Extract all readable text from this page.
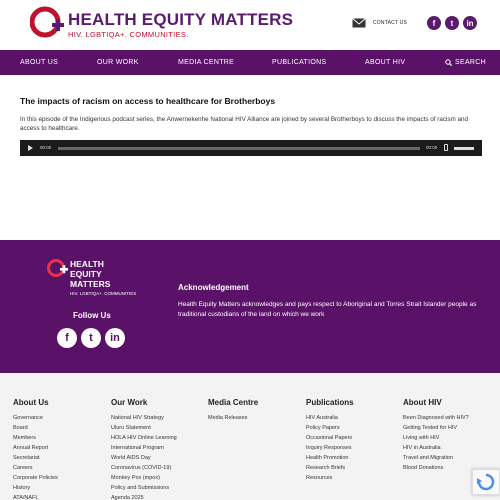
HEALTH EQUITY MATTERS
HIV. LGBTIQA+. COMMUNITIES.
CONTACT US	f	t	in
ABOUT US	OUR WORK	MEDIA CENTRE	PUBLICATIONS	ABOUT HIV	SEARCH
The impacts of racism on access to healthcare for Brotherboys
In this episode of the Indigenous podcast series, the Anwernekenhe National HIV Alliance are joined by several Brotherboys to discuss the impacts of racism and access to healthcare.
00:00	00:00
HEALTH
EQUITY
MATTERS
HIV. LGBTIQA+. COMMUNITIES
Follow Us
f	t	in
Acknowledgement
Health Equity Matters acknowledges and pays respect to Aboriginal and Torres Strait Islander people as traditional custodians of the land on which we work
About Us
Governance
Board
Members
Annual Report
Secretariat
Careers
Corporate Policies
History
ATA/NAFL
Our Work
National HIV Strategy
Uluru Statement
HOLA HIV Online Learning
International Program
World AIDS Day
Coronavirus (COVID-19)
Monkey Pox (mpox)
Policy and Submissions
Agenda 2025
Media Centre
Media Releases
Publications
HIV Australia
Policy Papers
Occasional Papers
Inquiry Responses
Health Promotion
Research Briefs
Resources
About HIV
Been Diagnosed with HIV?
Getting Tested for HIV
Living with HIV
HIV in Australia
Travel and Migration
Blood Donations
